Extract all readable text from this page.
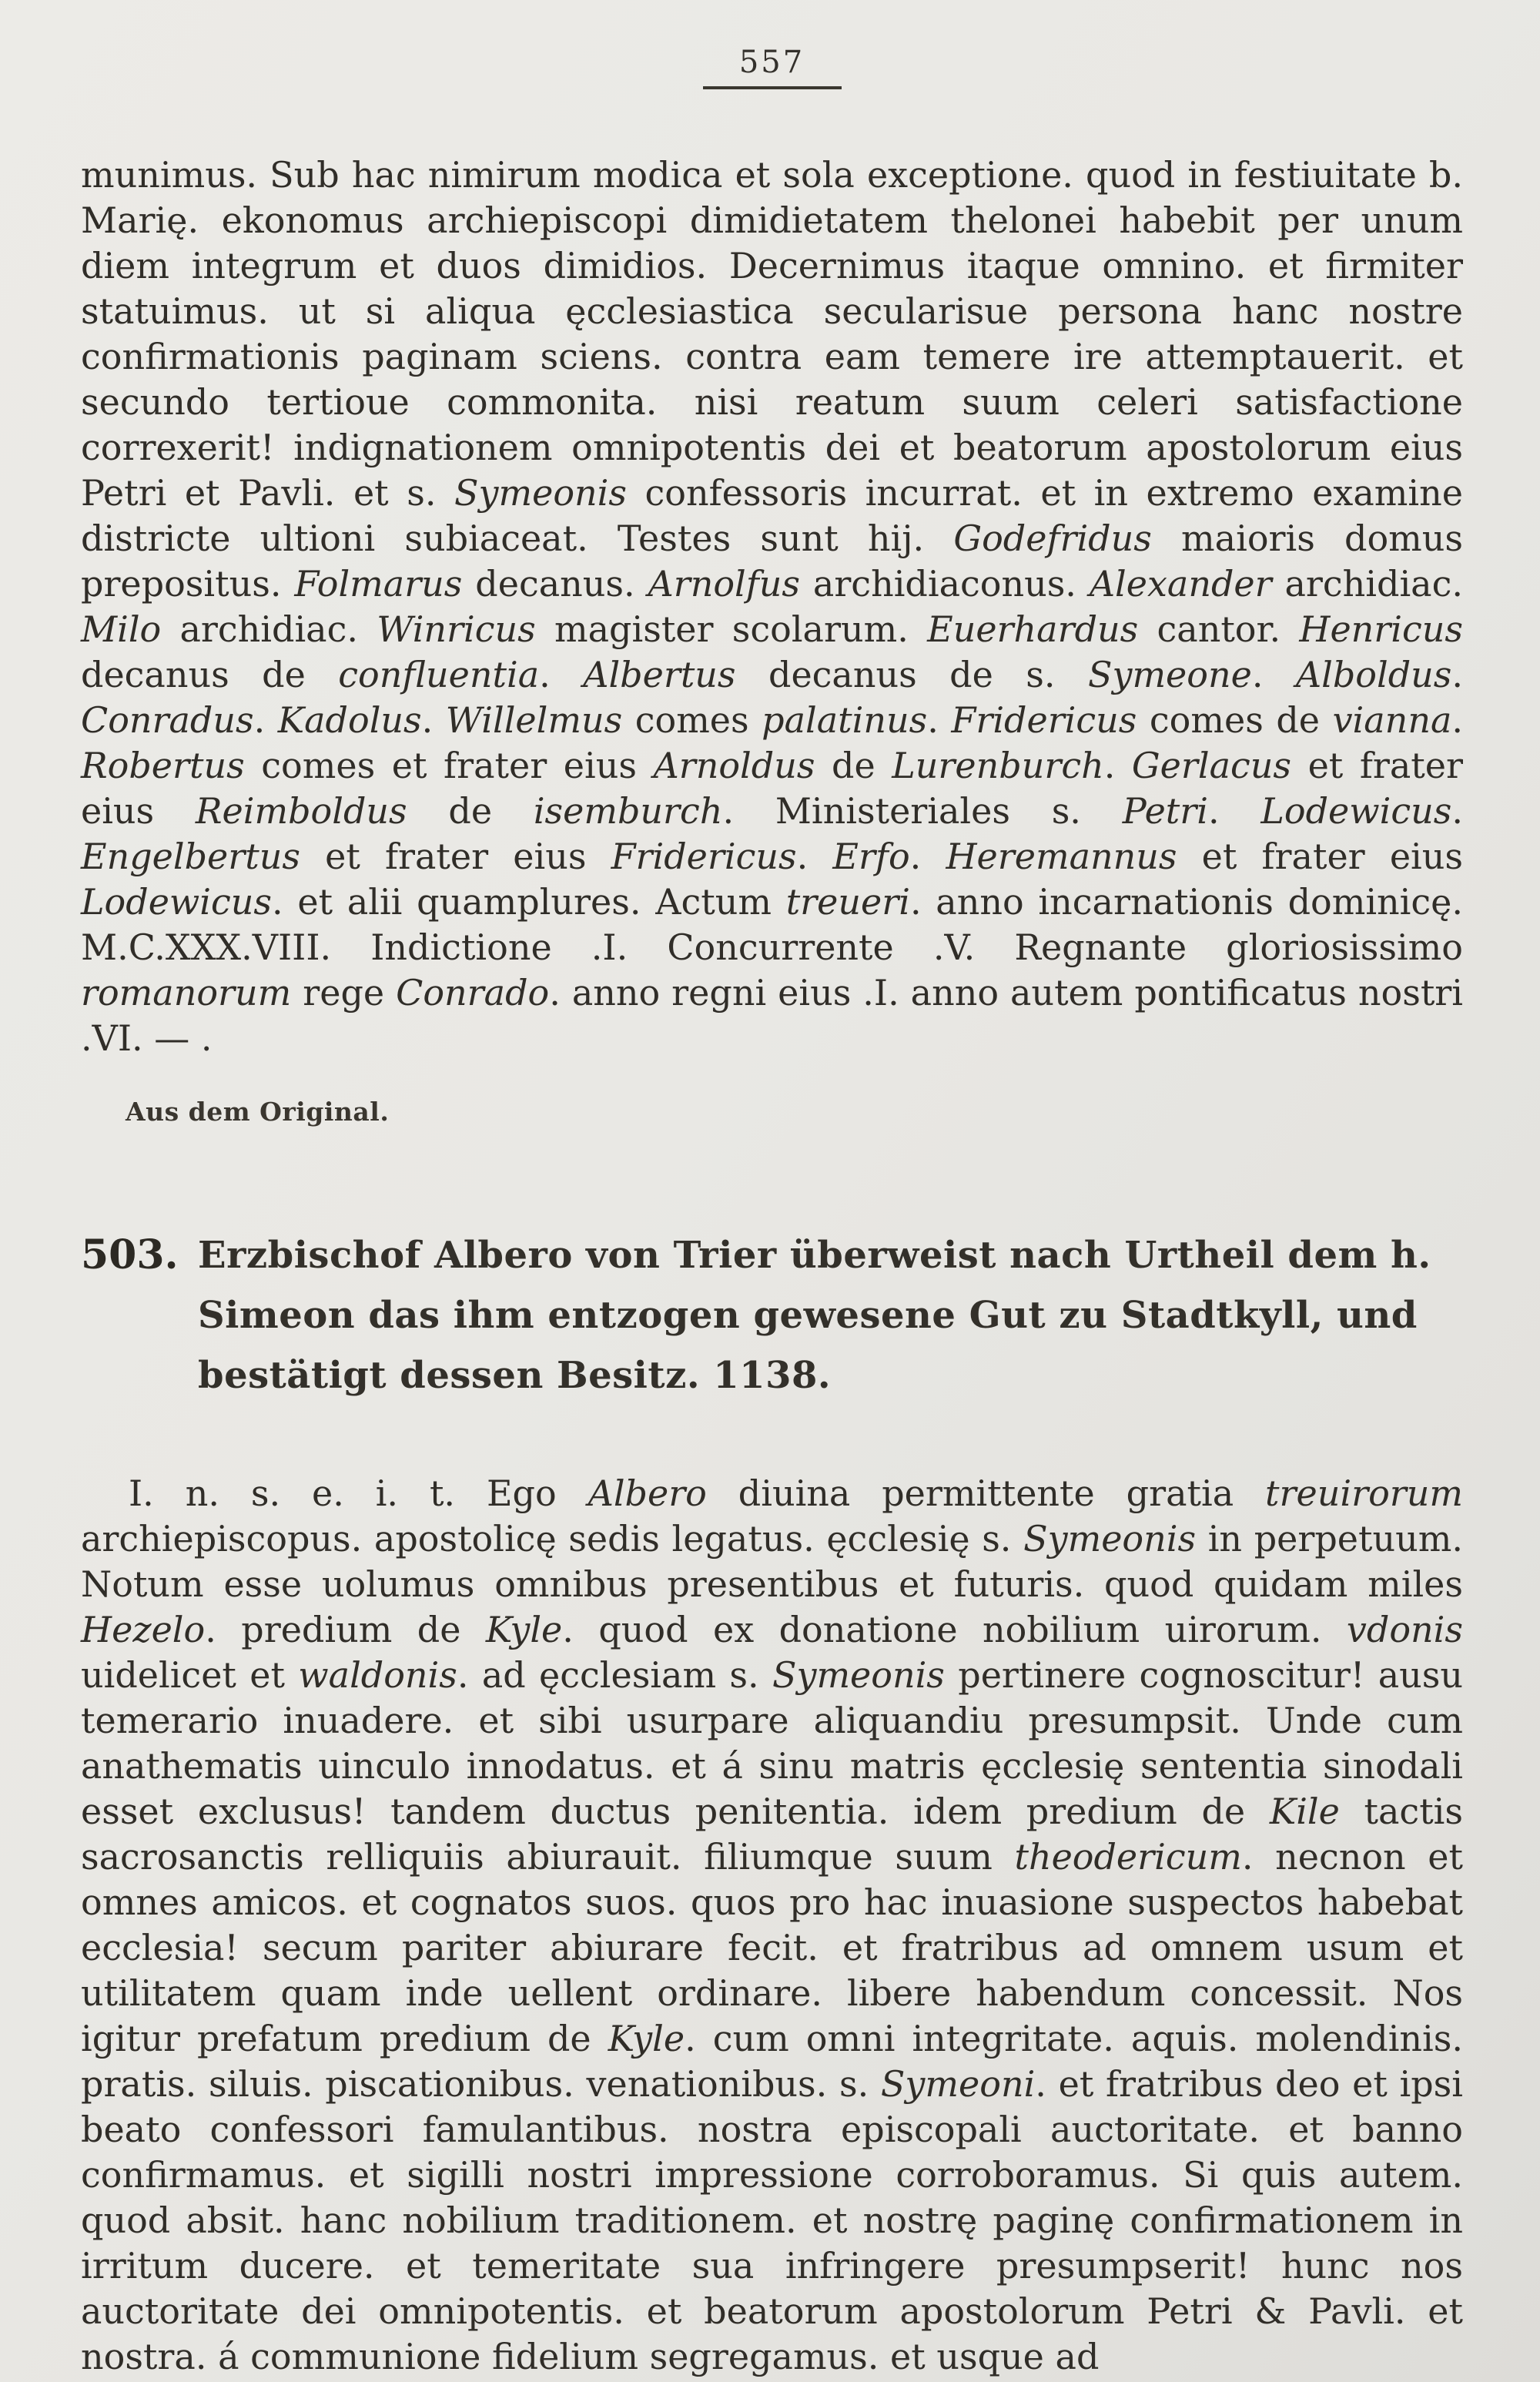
557

munimus. Sub hac nimirum modica et sola exceptione. quod in festiuitate b. Marię. ekonomus archiepiscopi dimidietatem thelonei habebit per unum diem integrum et duos dimidios. Decernimus itaque omnino. et firmiter statuimus. ut si aliqua ęcclesiastica secularisue persona hanc nostre confirmationis paginam sciens. contra eam temere ire attemptauerit. et secundo tertioue commonita. nisi reatum suum celeri satisfactione correxerit! indignationem omnipotentis dei et beatorum apostolorum eius Petri et Pavli. et s. Symeonis confessoris incurrat. et in extremo examine districte ultioni subiaceat. Testes sunt hij. Godefridus maioris domus prepositus. Folmarus decanus. Arnolfus archidiaconus. Alexander archidiac. Milo archidiac. Winricus magister scolarum. Euerhardus cantor. Henricus decanus de confluentia. Albertus decanus de s. Symeone. Alboldus. Conradus. Kadolus. Willelmus comes palatinus. Fridericus comes de vianna. Robertus comes et frater eius Arnoldus de Lurenburch. Gerlacus et frater eius Reimboldus de isemburch. Ministeriales s. Petri. Lodewicus. Engelbertus et frater eius Fridericus. Erfo. Heremannus et frater eius Lodewicus. et alii quamplures. Actum treueri. anno incarnationis dominicę. M.C.XXX.VIII. Indictione .I. Concurrente .V. Regnante gloriosissimo romanorum rege Conrado. anno regni eius .I. anno autem pontificatus nostri .VI. — .

Aus dem Original.

503. Erzbischof Albero von Trier überweist nach Urtheil dem h. Simeon das ihm entzogen gewesene Gut zu Stadtkyll, und bestätigt dessen Besitz. 1138.

I. n. s. e. i. t. Ego Albero diuina permittente gratia treuirorum archiepiscopus. apostolicę sedis legatus. ęcclesię s. Symeonis in perpetuum. Notum esse uolumus omnibus presentibus et futuris. quod quidam miles Hezelo. predium de Kyle. quod ex donatione nobilium uirorum. vdonis uidelicet et waldonis. ad ęcclesiam s. Symeonis pertinere cognoscitur! ausu temerario inuadere. et sibi usurpare aliquandiu presumpsit. Unde cum anathematis uinculo innodatus. et á sinu matris ęcclesię sententia sinodali esset exclusus! tandem ductus penitentia. idem predium de Kile tactis sacrosanctis relliquiis abiurauit. filiumque suum theodericum. necnon et omnes amicos. et cognatos suos. quos pro hac inuasione suspectos habebat ecclesia! secum pariter abiurare fecit. et fratribus ad omnem usum et utilitatem quam inde uellent ordinare. libere habendum concessit. Nos igitur prefatum predium de Kyle. cum omni integritate. aquis. molendinis. pratis. siluis. piscationibus. venationibus. s. Symeoni. et fratribus deo et ipsi beato confessori famulantibus. nostra episcopali auctoritate. et banno confirmamus. et sigilli nostri impressione corroboramus. Si quis autem. quod absit. hanc nobilium traditionem. et nostrę paginę confirmationem in irritum ducere. et temeritate sua infringere presumpserit! hunc nos auctoritate dei omnipotentis. et beatorum apostolorum Petri & Pavli. et nostra. á communione fidelium segregamus. et usque ad
